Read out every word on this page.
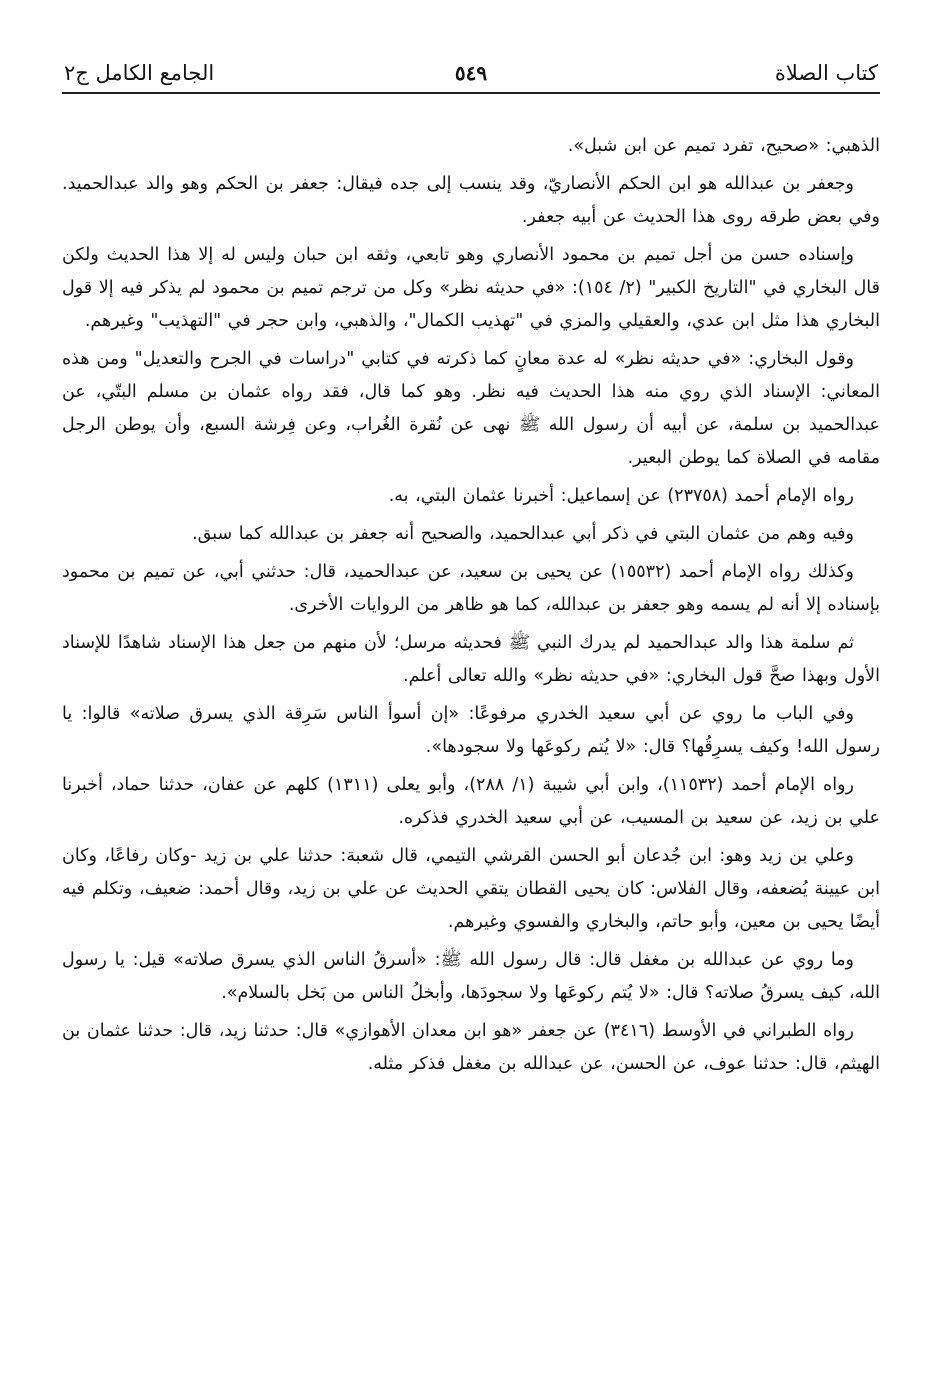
كتاب الصلاة
٥٤٩
الجامع الكامل ج٢

الذهبي: «صحيح، تفرد تميم عن ابن شبل».

وجعفر بن عبدالله هو ابن الحكم الأنصاريّ، وقد ينسب إلى جده فيقال: جعفر بن الحكم وهو والد عبدالحميد. وفي بعض طرقه روى هذا الحديث عن أبيه جعفر.

وإسناده حسن من أجل تميم بن محمود الأنصاري وهو تابعي، وثقه ابن حبان وليس له إلا هذا الحديث ولكن قال البخاري في "التاريخ الكبير" (٢/ ١٥٤): «في حديثه نظر» وكل من ترجم تميم بن محمود لم يذكر فيه إلا قول البخاري هذا مثل ابن عدي، والعقيلي والمزي في "تهذيب الكمال"، والذهبي، وابن حجر في "التهذيب" وغيرهم.

وقول البخاري: «في حديثه نظر» له عدة معانٍ كما ذكرته في كتابي "دراسات في الجرح والتعديل" ومن هذه المعاني: الإسناد الذي روي منه هذا الحديث فيه نظر. وهو كما قال، فقد رواه عثمان بن مسلم البتّي، عن عبدالحميد بن سلمة، عن أبيه أن رسول الله ﷺ نهى عن نُقرة الغُراب، وعن فِرشة السبع، وأن يوطن الرجل مقامه في الصلاة كما يوطن البعير.

رواه الإمام أحمد (٢٣٧٥٨) عن إسماعيل: أخبرنا عثمان البتي، به.

وفيه وهم من عثمان البتي في ذكر أبي عبدالحميد، والصحيح أنه جعفر بن عبدالله كما سبق.

وكذلك رواه الإمام أحمد (١٥٥٣٢) عن يحيى بن سعيد، عن عبدالحميد، قال: حدثني أبي، عن تميم بن محمود بإسناده إلا أنه لم يسمه وهو جعفر بن عبدالله، كما هو ظاهر من الروايات الأخرى.

ثم سلمة هذا والد عبدالحميد لم يدرك النبي ﷺ فحديثه مرسل؛ لأن منهم من جعل هذا الإسناد شاهدًا للإسناد الأول وبهذا صحَّ قول البخاري: «في حديثه نظر» والله تعالى أعلم.

وفي الباب ما روي عن أبي سعيد الخدري مرفوعًا: «إن أسوأ الناس سَرِقة الذي يسرق صلاته» قالوا: يا رسول الله! وكيف يسرِقُها؟ قال: «لا يُتم ركوعَها ولا سجودها».

رواه الإمام أحمد (١١٥٣٢)، وابن أبي شيبة (١/ ٢٨٨)، وأبو يعلى (١٣١١) كلهم عن عفان، حدثنا حماد، أخبرنا علي بن زيد، عن سعيد بن المسيب، عن أبي سعيد الخدري فذكره.

وعلي بن زيد وهو: ابن جُدعان أبو الحسن القرشي التيمي، قال شعبة: حدثنا علي بن زيد -وكان رفاعًا، وكان ابن عيينة يُضعفه، وقال الفلاس: كان يحيى القطان يتقي الحديث عن علي بن زيد، وقال أحمد: ضعيف، وتكلم فيه أيضًا يحيى بن معين، وأبو حاتم، والبخاري والفسوي وغيرهم.

وما روي عن عبدالله بن مغفل قال: قال رسول الله ﷺ: «أسرقُ الناس الذي يسرق صلاته» قيل: يا رسول الله، كيف يسرقُ صلاته؟ قال: «لا يُتم ركوعَها ولا سجودَها، وأبخلُ الناس من بَخل بالسلام».

رواه الطبراني في الأوسط (٣٤١٦) عن جعفر «هو ابن معدان الأهوازي» قال: حدثنا زيد، قال: حدثنا عثمان بن الهيثم، قال: حدثنا عوف، عن الحسن، عن عبدالله بن مغفل فذكر مثله.
